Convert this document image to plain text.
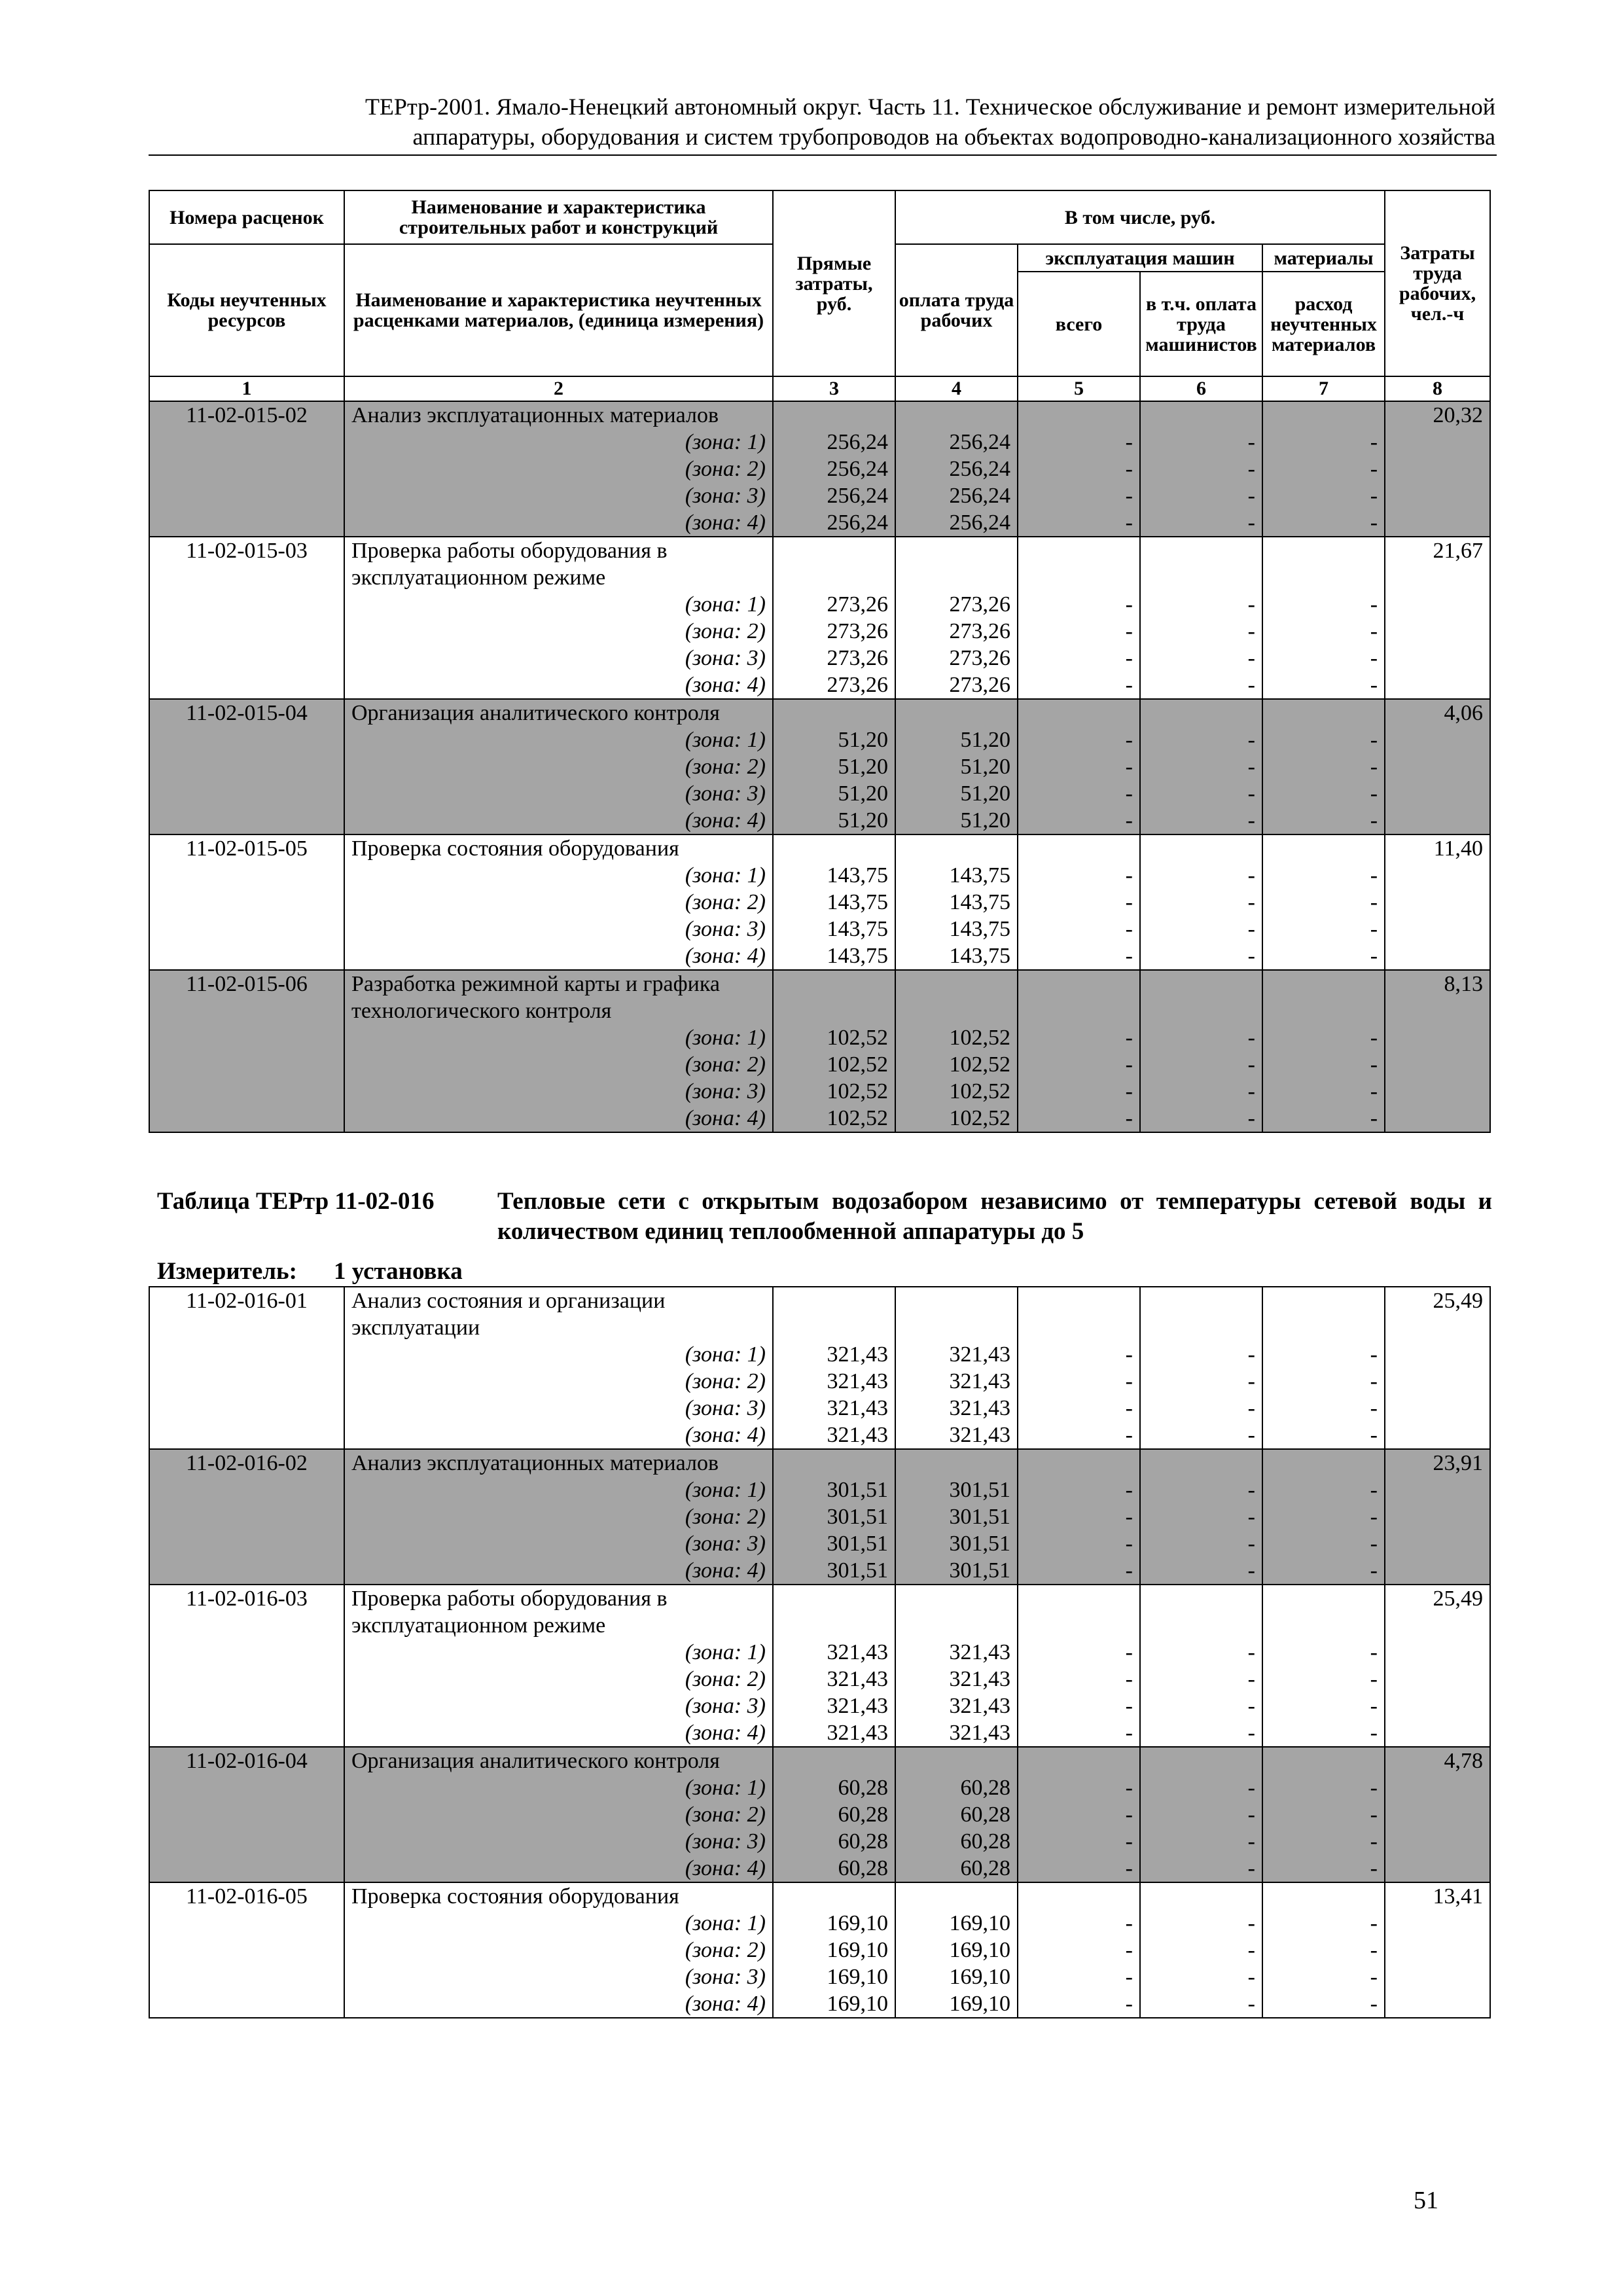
ТЕРтр-2001. Ямало-Ненецкий автономный округ. Часть 11. Техническое обслуживание и ремонт измерительной
аппаратуры, оборудования и систем трубопроводов на объектах водопроводно-канализационного хозяйства
Номера расценок	Наименование и характеристика строительных работ и конструкций	Прямые затраты, руб.	В том числе, руб.				Затраты труда рабочих, чел.-ч
Коды неучтенных ресурсов	Наименование и характеристика неучтенных расценками материалов, (единица измерения)		оплата труда рабочих	эксплуатация машин		материалы	
				всего	в т.ч. оплата труда машинистов	расход неучтенных материалов	
1	2	3	4	5	6	7	8
11-02-015-02	Анализ эксплуатационных материалов						20,32
	(зона: 1)	256,24	256,24	-	-	-	
	(зона: 2)	256,24	256,24	-	-	-	
	(зона: 3)	256,24	256,24	-	-	-	
	(зона: 4)	256,24	256,24	-	-	-	
11-02-015-03	Проверка работы оборудования в						21,67
	эксплуатационном режиме						
	(зона: 1)	273,26	273,26	-	-	-	
	(зона: 2)	273,26	273,26	-	-	-	
	(зона: 3)	273,26	273,26	-	-	-	
	(зона: 4)	273,26	273,26	-	-	-	
11-02-015-04	Организация аналитического контроля						4,06
	(зона: 1)	51,20	51,20	-	-	-	
	(зона: 2)	51,20	51,20	-	-	-	
	(зона: 3)	51,20	51,20	-	-	-	
	(зона: 4)	51,20	51,20	-	-	-	
11-02-015-05	Проверка состояния оборудования						11,40
	(зона: 1)	143,75	143,75	-	-	-	
	(зона: 2)	143,75	143,75	-	-	-	
	(зона: 3)	143,75	143,75	-	-	-	
	(зона: 4)	143,75	143,75	-	-	-	
11-02-015-06	Разработка режимной карты и графика						8,13
	технологического контроля						
	(зона: 1)	102,52	102,52	-	-	-	
	(зона: 2)	102,52	102,52	-	-	-	
	(зона: 3)	102,52	102,52	-	-	-	
	(зона: 4)	102,52	102,52	-	-	-	
Таблица ТЕРтр 11-02-016	Тепловые сети с открытым водозабором независимо от температуры сетевой воды и количеством единиц теплообменной аппаратуры до 5
Измеритель: 1 установка
11-02-016-01	Анализ состояния и организации						25,49
	эксплуатации						
	(зона: 1)	321,43	321,43	-	-	-	
	(зона: 2)	321,43	321,43	-	-	-	
	(зона: 3)	321,43	321,43	-	-	-	
	(зона: 4)	321,43	321,43	-	-	-	
11-02-016-02	Анализ эксплуатационных материалов						23,91
	(зона: 1)	301,51	301,51	-	-	-	
	(зона: 2)	301,51	301,51	-	-	-	
	(зона: 3)	301,51	301,51	-	-	-	
	(зона: 4)	301,51	301,51	-	-	-	
11-02-016-03	Проверка работы оборудования в						25,49
	эксплуатационном режиме						
	(зона: 1)	321,43	321,43	-	-	-	
	(зона: 2)	321,43	321,43	-	-	-	
	(зона: 3)	321,43	321,43	-	-	-	
	(зона: 4)	321,43	321,43	-	-	-	
11-02-016-04	Организация аналитического контроля						4,78
	(зона: 1)	60,28	60,28	-	-	-	
	(зона: 2)	60,28	60,28	-	-	-	
	(зона: 3)	60,28	60,28	-	-	-	
	(зона: 4)	60,28	60,28	-	-	-	
11-02-016-05	Проверка состояния оборудования						13,41
	(зона: 1)	169,10	169,10	-	-	-	
	(зона: 2)	169,10	169,10	-	-	-	
	(зона: 3)	169,10	169,10	-	-	-	
	(зона: 4)	169,10	169,10	-	-	-	
51
